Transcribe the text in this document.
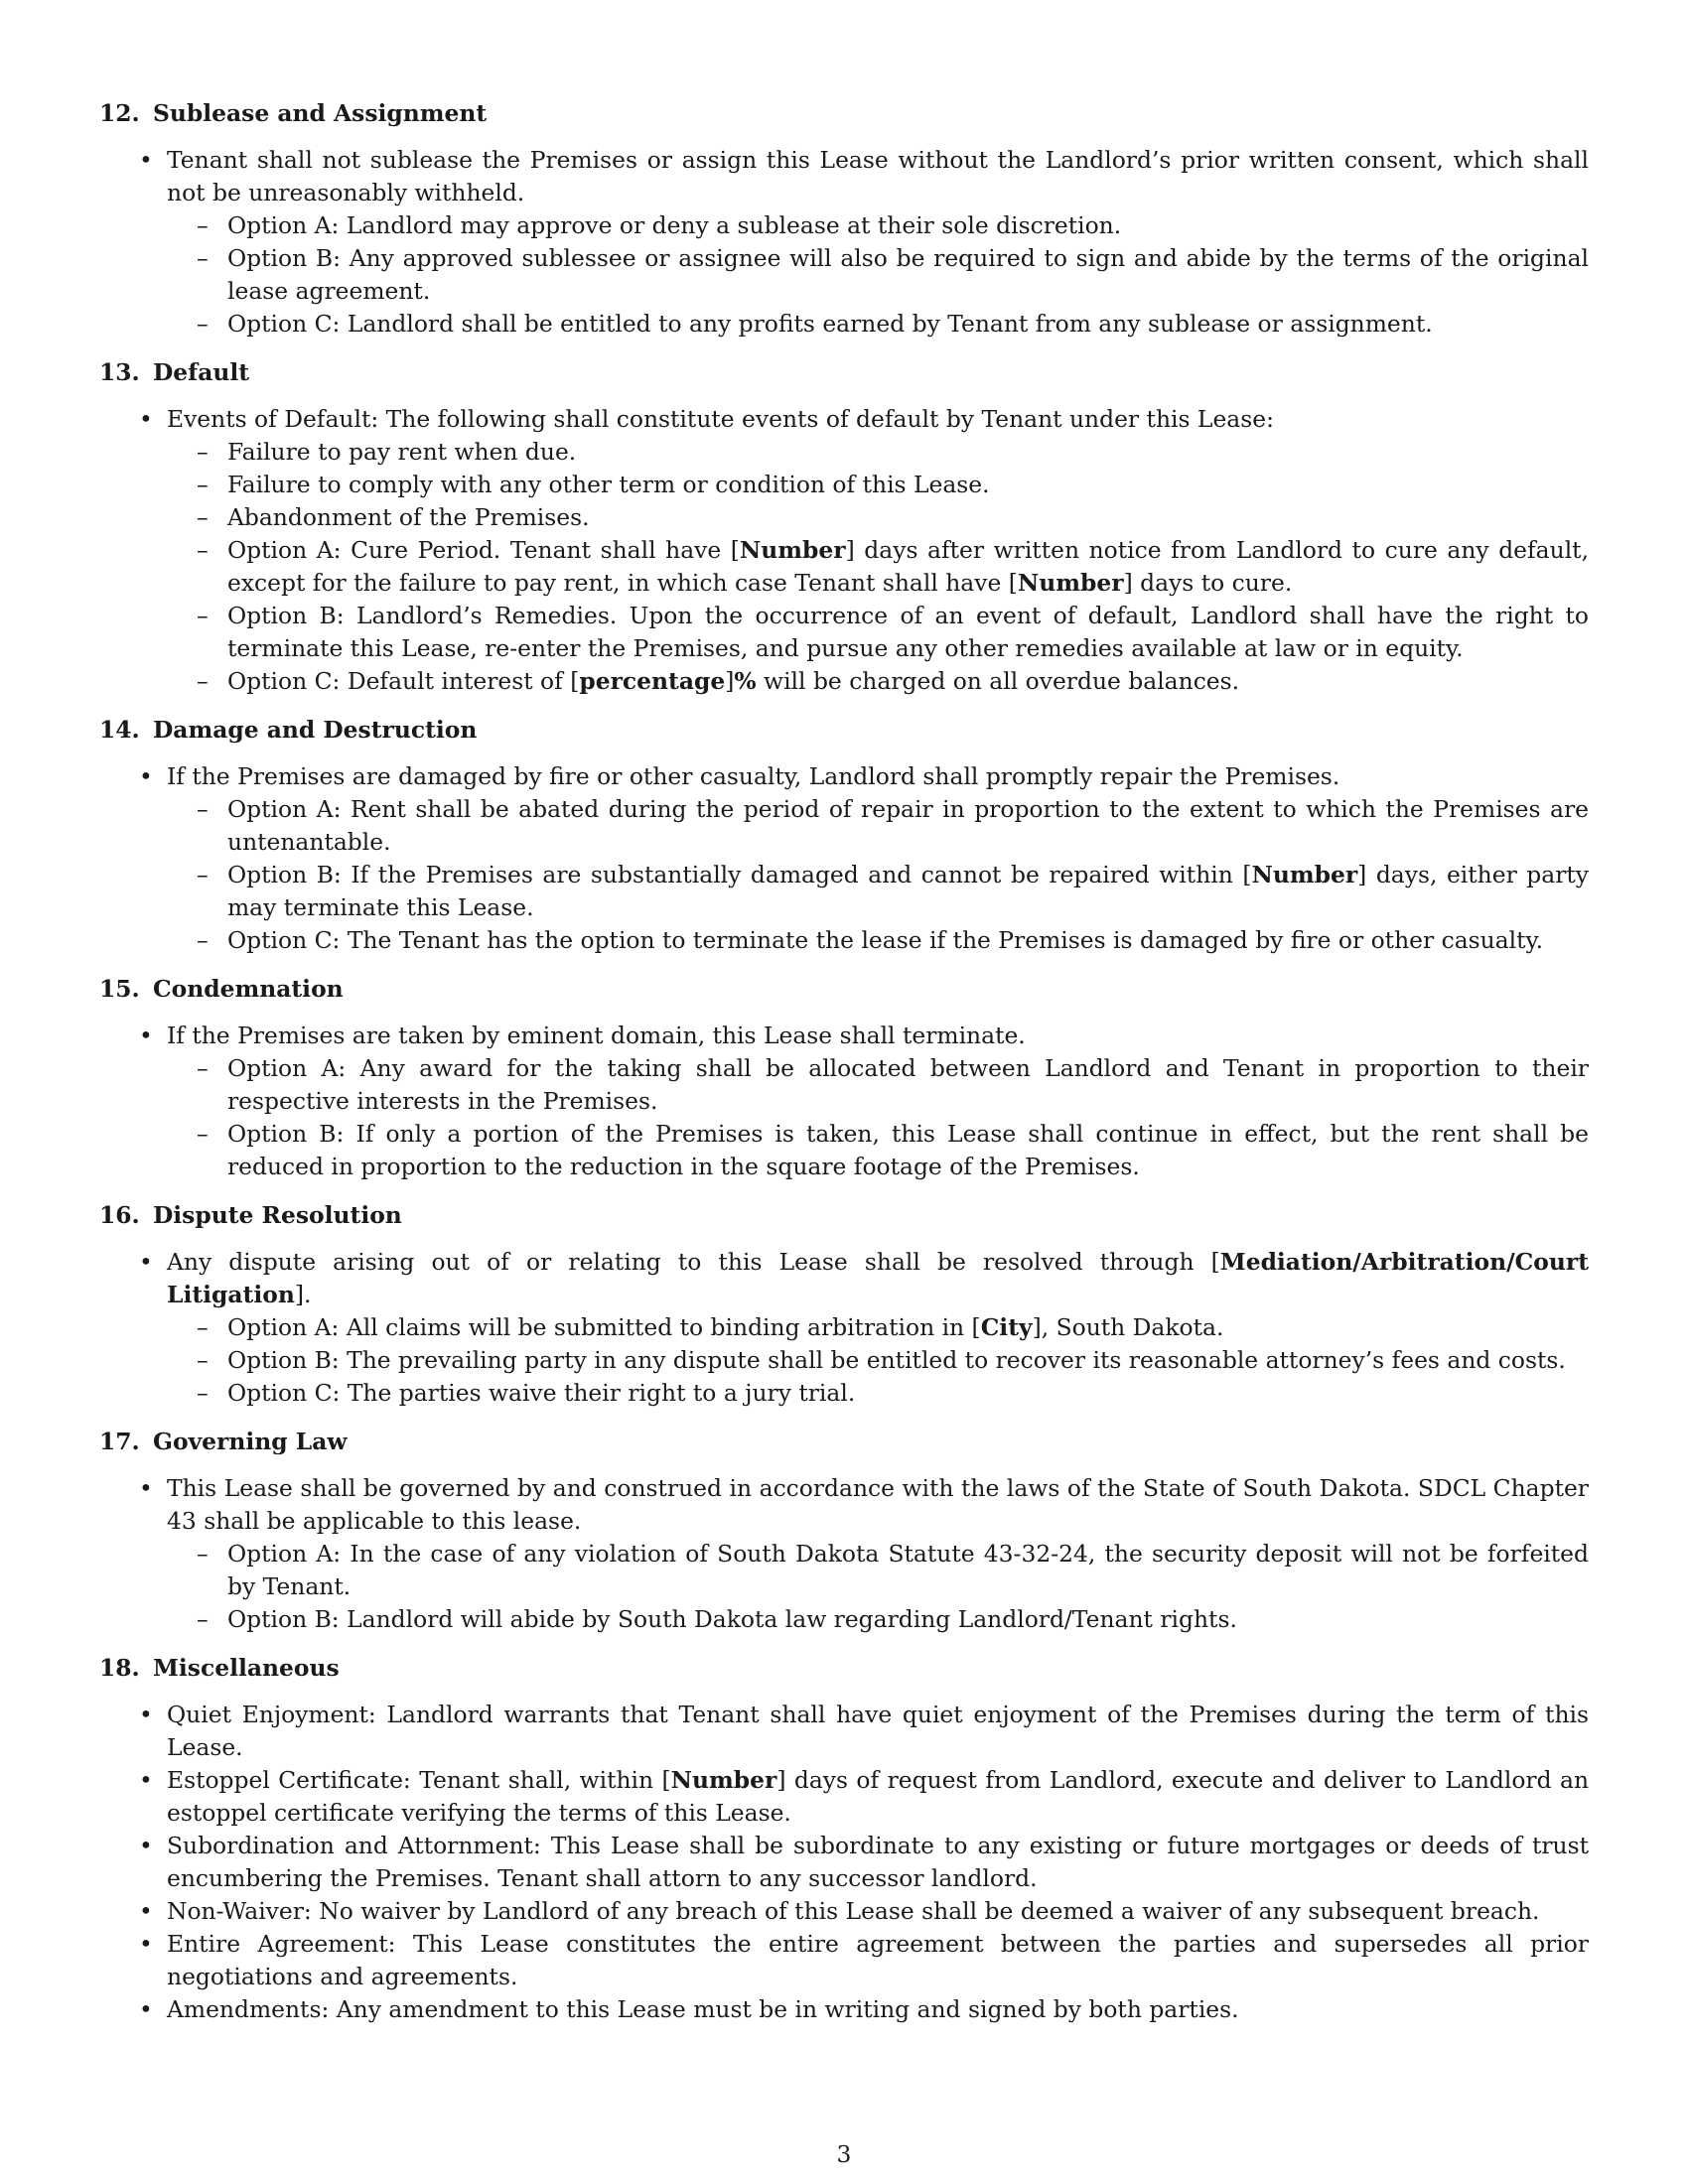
12. Sublease and Assignment
• Tenant shall not sublease the Premises or assign this Lease without the Landlord’s prior written consent, which shall not be unreasonably withheld.
– Option A: Landlord may approve or deny a sublease at their sole discretion.
– Option B: Any approved sublessee or assignee will also be required to sign and abide by the terms of the original lease agreement.
– Option C: Landlord shall be entitled to any profits earned by Tenant from any sublease or assignment.
13. Default
• Events of Default: The following shall constitute events of default by Tenant under this Lease:
– Failure to pay rent when due.
– Failure to comply with any other term or condition of this Lease.
– Abandonment of the Premises.
– Option A: Cure Period. Tenant shall have [Number] days after written notice from Landlord to cure any default, except for the failure to pay rent, in which case Tenant shall have [Number] days to cure.
– Option B: Landlord’s Remedies. Upon the occurrence of an event of default, Landlord shall have the right to terminate this Lease, re-enter the Premises, and pursue any other remedies available at law or in equity.
– Option C: Default interest of [percentage]% will be charged on all overdue balances.
14. Damage and Destruction
• If the Premises are damaged by fire or other casualty, Landlord shall promptly repair the Premises.
– Option A: Rent shall be abated during the period of repair in proportion to the extent to which the Premises are untenantable.
– Option B: If the Premises are substantially damaged and cannot be repaired within [Number] days, either party may terminate this Lease.
– Option C: The Tenant has the option to terminate the lease if the Premises is damaged by fire or other casualty.
15. Condemnation
• If the Premises are taken by eminent domain, this Lease shall terminate.
– Option A: Any award for the taking shall be allocated between Landlord and Tenant in proportion to their respective interests in the Premises.
– Option B: If only a portion of the Premises is taken, this Lease shall continue in effect, but the rent shall be reduced in proportion to the reduction in the square footage of the Premises.
16. Dispute Resolution
• Any dispute arising out of or relating to this Lease shall be resolved through [Mediation/Arbitration/Court Litigation].
– Option A: All claims will be submitted to binding arbitration in [City], South Dakota.
– Option B: The prevailing party in any dispute shall be entitled to recover its reasonable attorney’s fees and costs.
– Option C: The parties waive their right to a jury trial.
17. Governing Law
• This Lease shall be governed by and construed in accordance with the laws of the State of South Dakota. SDCL Chapter 43 shall be applicable to this lease.
– Option A: In the case of any violation of South Dakota Statute 43-32-24, the security deposit will not be forfeited by Tenant.
– Option B: Landlord will abide by South Dakota law regarding Landlord/Tenant rights.
18. Miscellaneous
• Quiet Enjoyment: Landlord warrants that Tenant shall have quiet enjoyment of the Premises during the term of this Lease.
• Estoppel Certificate: Tenant shall, within [Number] days of request from Landlord, execute and deliver to Landlord an estoppel certificate verifying the terms of this Lease.
• Subordination and Attornment: This Lease shall be subordinate to any existing or future mortgages or deeds of trust encumbering the Premises. Tenant shall attorn to any successor landlord.
• Non-Waiver: No waiver by Landlord of any breach of this Lease shall be deemed a waiver of any subsequent breach.
• Entire Agreement: This Lease constitutes the entire agreement between the parties and supersedes all prior negotiations and agreements.
• Amendments: Any amendment to this Lease must be in writing and signed by both parties.
3
